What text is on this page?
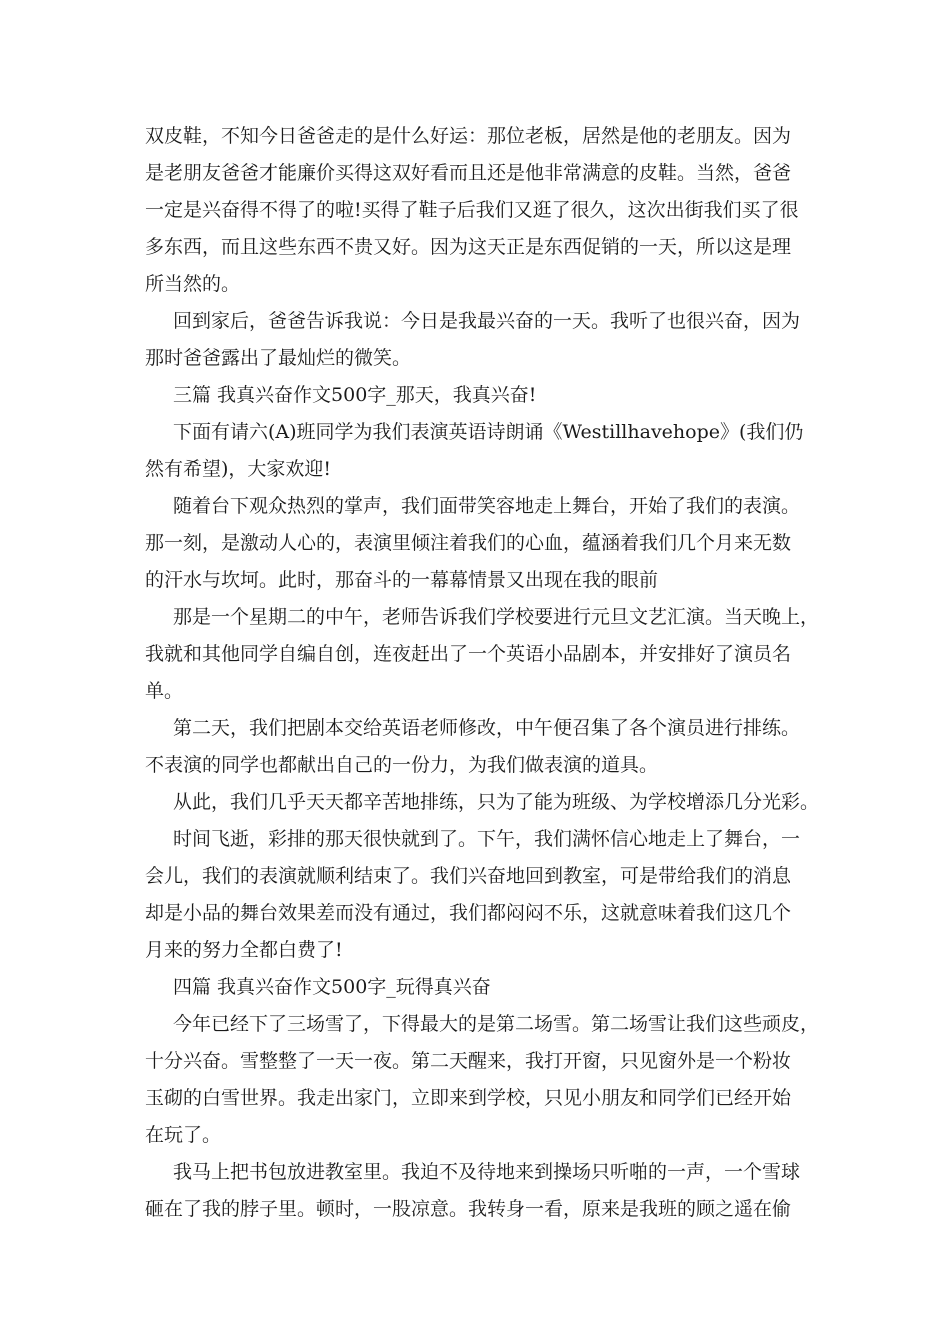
双皮鞋，不知今日爸爸走的是什么好运：那位老板，居然是他的老朋友。因为
是老朋友爸爸才能廉价买得这双好看而且还是他非常满意的皮鞋。当然，爸爸
一定是兴奋得不得了的啦!买得了鞋子后我们又逛了很久，这次出街我们买了很
多东西，而且这些东西不贵又好。因为这天正是东西促销的一天，所以这是理
所当然的。
回到家后，爸爸告诉我说：今日是我最兴奋的一天。我听了也很兴奋，因为
那时爸爸露出了最灿烂的微笑。
三篇 我真兴奋作文500字_那天，我真兴奋!
下面有请六(A)班同学为我们表演英语诗朗诵《Westillhavehope》(我们仍
然有希望)，大家欢迎!
随着台下观众热烈的掌声，我们面带笑容地走上舞台，开始了我们的表演。
那一刻，是激动人心的，表演里倾注着我们的心血，蕴涵着我们几个月来无数
的汗水与坎坷。此时，那奋斗的一幕幕情景又出现在我的眼前
那是一个星期二的中午，老师告诉我们学校要进行元旦文艺汇演。当天晚上，
我就和其他同学自编自创，连夜赶出了一个英语小品剧本，并安排好了演员名
单。
第二天，我们把剧本交给英语老师修改，中午便召集了各个演员进行排练。
不表演的同学也都献出自己的一份力，为我们做表演的道具。
从此，我们几乎天天都辛苦地排练，只为了能为班级、为学校增添几分光彩。
时间飞逝，彩排的那天很快就到了。下午，我们满怀信心地走上了舞台，一
会儿，我们的表演就顺利结束了。我们兴奋地回到教室，可是带给我们的消息
却是小品的舞台效果差而没有通过，我们都闷闷不乐，这就意味着我们这几个
月来的努力全都白费了!
四篇 我真兴奋作文500字_玩得真兴奋
今年已经下了三场雪了，下得最大的是第二场雪。第二场雪让我们这些顽皮，
十分兴奋。雪整整了一天一夜。第二天醒来，我打开窗，只见窗外是一个粉妆
玉砌的白雪世界。我走出家门，立即来到学校，只见小朋友和同学们已经开始
在玩了。
我马上把书包放进教室里。我迫不及待地来到操场只听啪的一声，一个雪球
砸在了我的脖子里。顿时，一股凉意。我转身一看，原来是我班的顾之遥在偷
